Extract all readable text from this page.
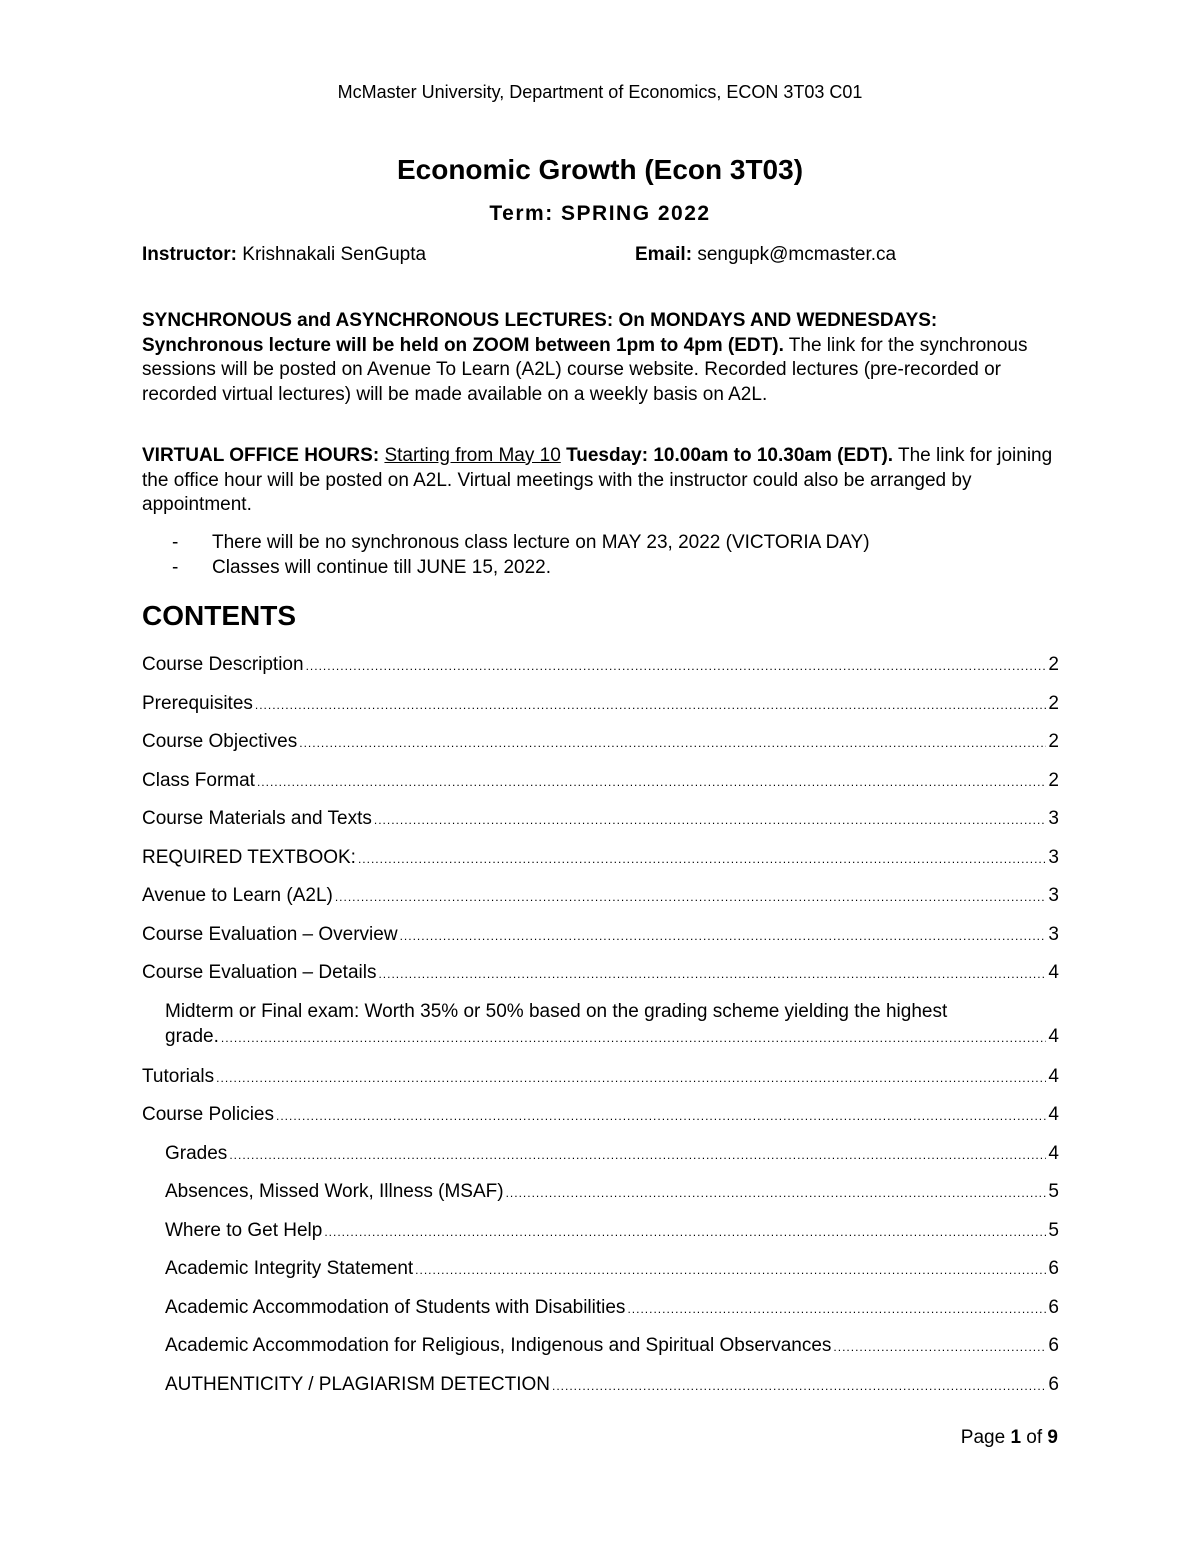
McMaster University, Department of Economics, ECON 3T03 C01
Economic Growth (Econ 3T03)
Term: SPRING 2022
Instructor: Krishnakali SenGupta	Email: sengupk@mcmaster.ca
SYNCHRONOUS and ASYNCHRONOUS LECTURES: On MONDAYS AND WEDNESDAYS: Synchronous lecture will be held on ZOOM between 1pm to 4pm (EDT). The link for the synchronous sessions will be posted on Avenue To Learn (A2L) course website. Recorded lectures (pre-recorded or recorded virtual lectures) will be made available on a weekly basis on A2L.
VIRTUAL OFFICE HOURS: Starting from May 10 Tuesday: 10.00am to 10.30am (EDT). The link for joining the office hour will be posted on A2L. Virtual meetings with the instructor could also be arranged by appointment.
- There will be no synchronous class lecture on MAY 23, 2022 (VICTORIA DAY)
- Classes will continue till JUNE 15, 2022.
CONTENTS
Course Description .....	2
Prerequisites .....	2
Course Objectives .....	2
Class Format .....	2
Course Materials and Texts .....	3
REQUIRED TEXTBOOK: .....	3
Avenue to Learn (A2L) .....	3
Course Evaluation – Overview .....	3
Course Evaluation – Details .....	4
Midterm or Final exam: Worth 35% or 50% based on the grading scheme yielding the highest
grade. .....	4
Tutorials .....	4
Course Policies .....	4
Grades .....	4
Absences, Missed Work, Illness (MSAF) .....	5
Where to Get Help .....	5
Academic Integrity Statement .....	6
Academic Accommodation of Students with Disabilities .....	6
Academic Accommodation for Religious, Indigenous and Spiritual Observances .....	6
AUTHENTICITY / PLAGIARISM DETECTION .....	6
Page 1 of 9
